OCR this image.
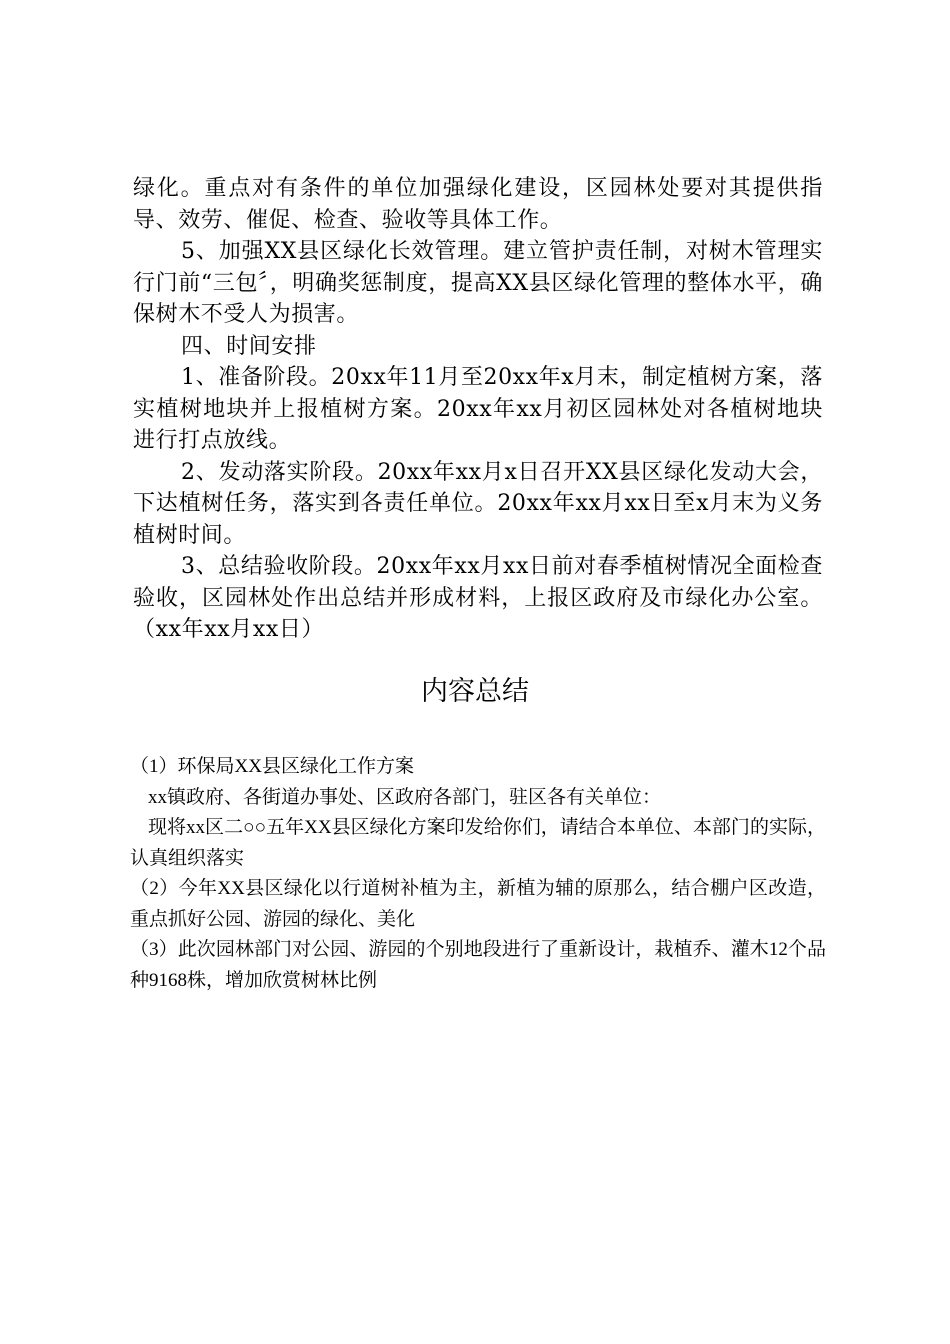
绿化。重点对有条件的单位加强绿化建设，区园林处要对其提供指导、效劳、催促、检查、验收等具体工作。

5、加强XX县区绿化长效管理。建立管护责任制，对树木管理实行门前“三包〞，明确奖惩制度，提高XX县区绿化管理的整体水平，确保树木不受人为损害。

四、时间安排

1、准备阶段。20xx年11月至20xx年x月末，制定植树方案，落实植树地块并上报植树方案。20xx年xx月初区园林处对各植树地块进行打点放线。

2、发动落实阶段。20xx年xx月x日召开XX县区绿化发动大会，下达植树任务，落实到各责任单位。20xx年xx月xx日至x月末为义务植树时间。

3、总结验收阶段。20xx年xx月xx日前对春季植树情况全面检查验收，区园林处作出总结并形成材料，上报区政府及市绿化办公室。（xx年xx月xx日）

内容总结

（1）环保局XX县区绿化工作方案

xx镇政府、各街道办事处、区政府各部门，驻区各有关单位：

现将xx区二○○五年XX县区绿化方案印发给你们，请结合本单位、本部门的实际，认真组织落实

（2）今年XX县区绿化以行道树补植为主，新植为辅的原那么，结合棚户区改造，重点抓好公园、游园的绿化、美化

（3）此次园林部门对公园、游园的个别地段进行了重新设计，栽植乔、灌木12个品种9168株，增加欣赏树林比例
